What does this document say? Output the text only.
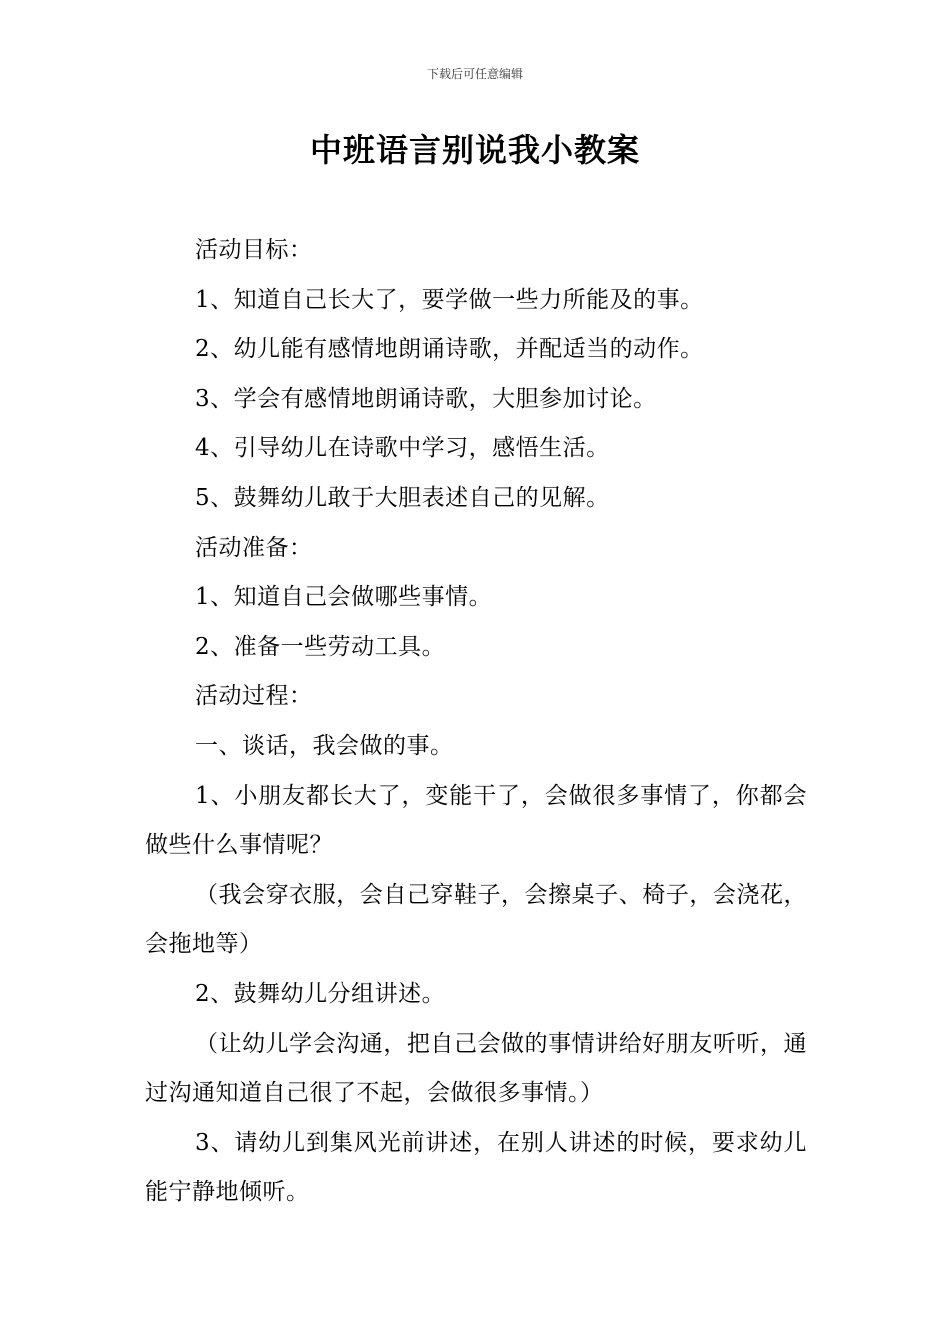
下载后可任意编辑
中班语言别说我小教案

活动目标：

1、知道自己长大了，要学做一些力所能及的事。

2、幼儿能有感情地朗诵诗歌，并配适当的动作。

3、学会有感情地朗诵诗歌，大胆参加讨论。

4、引导幼儿在诗歌中学习，感悟生活。

5、鼓舞幼儿敢于大胆表述自己的见解。

活动准备：

1、知道自己会做哪些事情。

2、准备一些劳动工具。

活动过程：

一、谈话，我会做的事。

1、小朋友都长大了，变能干了，会做很多事情了，你都会做些什么事情呢？

（我会穿衣服，会自己穿鞋子，会擦桌子、椅子，会浇花，会拖地等）

2、鼓舞幼儿分组讲述。

（让幼儿学会沟通，把自己会做的事情讲给好朋友听听，通过沟通知道自己很了不起，会做很多事情。）

3、请幼儿到集风光前讲述，在别人讲述的时候，要求幼儿能宁静地倾听。
